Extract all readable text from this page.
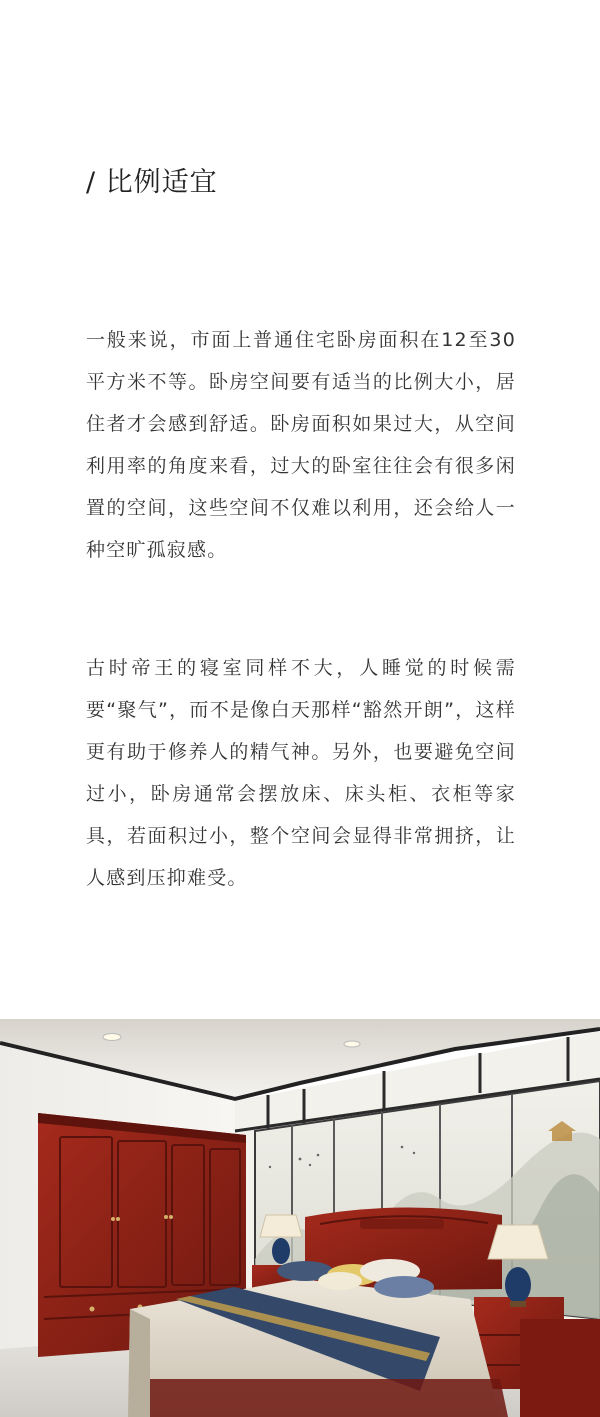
/ 比例适宜

一般来说，市面上普通住宅卧房面积在12至30平方米不等。卧房空间要有适当的比例大小，居住者才会感到舒适。卧房面积如果过大，从空间利用率的角度来看，过大的卧室往往会有很多闲置的空间，这些空间不仅难以利用，还会给人一种空旷孤寂感。

古时帝王的寝室同样不大，人睡觉的时候需要“聚气”，而不是像白天那样“豁然开朗”，这样更有助于修养人的精气神。另外，也要避免空间过小，卧房通常会摆放床、床头柜、衣柜等家具，若面积过小，整个空间会显得非常拥挤，让人感到压抑难受。
